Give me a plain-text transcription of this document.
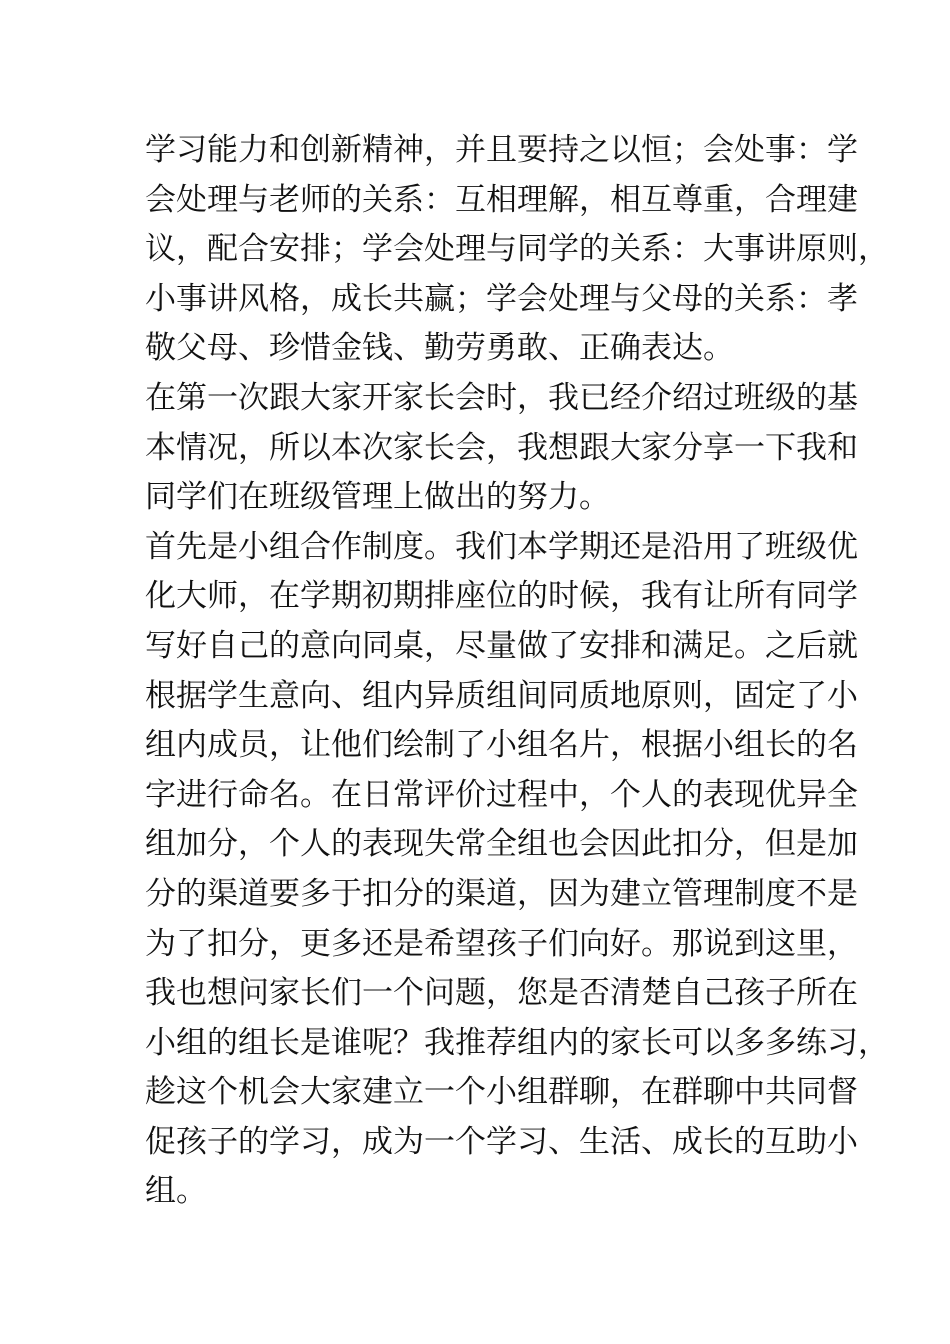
学习能力和创新精神，并且要持之以恒；会处事：学
会处理与老师的关系：互相理解，相互尊重，合理建
议，配合安排；学会处理与同学的关系：大事讲原则，
小事讲风格，成长共赢；学会处理与父母的关系：孝
敬父母、珍惜金钱、勤劳勇敢、正确表达。
在第一次跟大家开家长会时，我已经介绍过班级的基
本情况，所以本次家长会，我想跟大家分享一下我和
同学们在班级管理上做出的努力。
首先是小组合作制度。我们本学期还是沿用了班级优
化大师，在学期初期排座位的时候，我有让所有同学
写好自己的意向同桌，尽量做了安排和满足。之后就
根据学生意向、组内异质组间同质地原则，固定了小
组内成员，让他们绘制了小组名片，根据小组长的名
字进行命名。在日常评价过程中，个人的表现优异全
组加分，个人的表现失常全组也会因此扣分，但是加
分的渠道要多于扣分的渠道，因为建立管理制度不是
为了扣分，更多还是希望孩子们向好。那说到这里，
我也想问家长们一个问题，您是否清楚自己孩子所在
小组的组长是谁呢？我推荐组内的家长可以多多练习，
趁这个机会大家建立一个小组群聊，在群聊中共同督
促孩子的学习，成为一个学习、生活、成长的互助小
组。
